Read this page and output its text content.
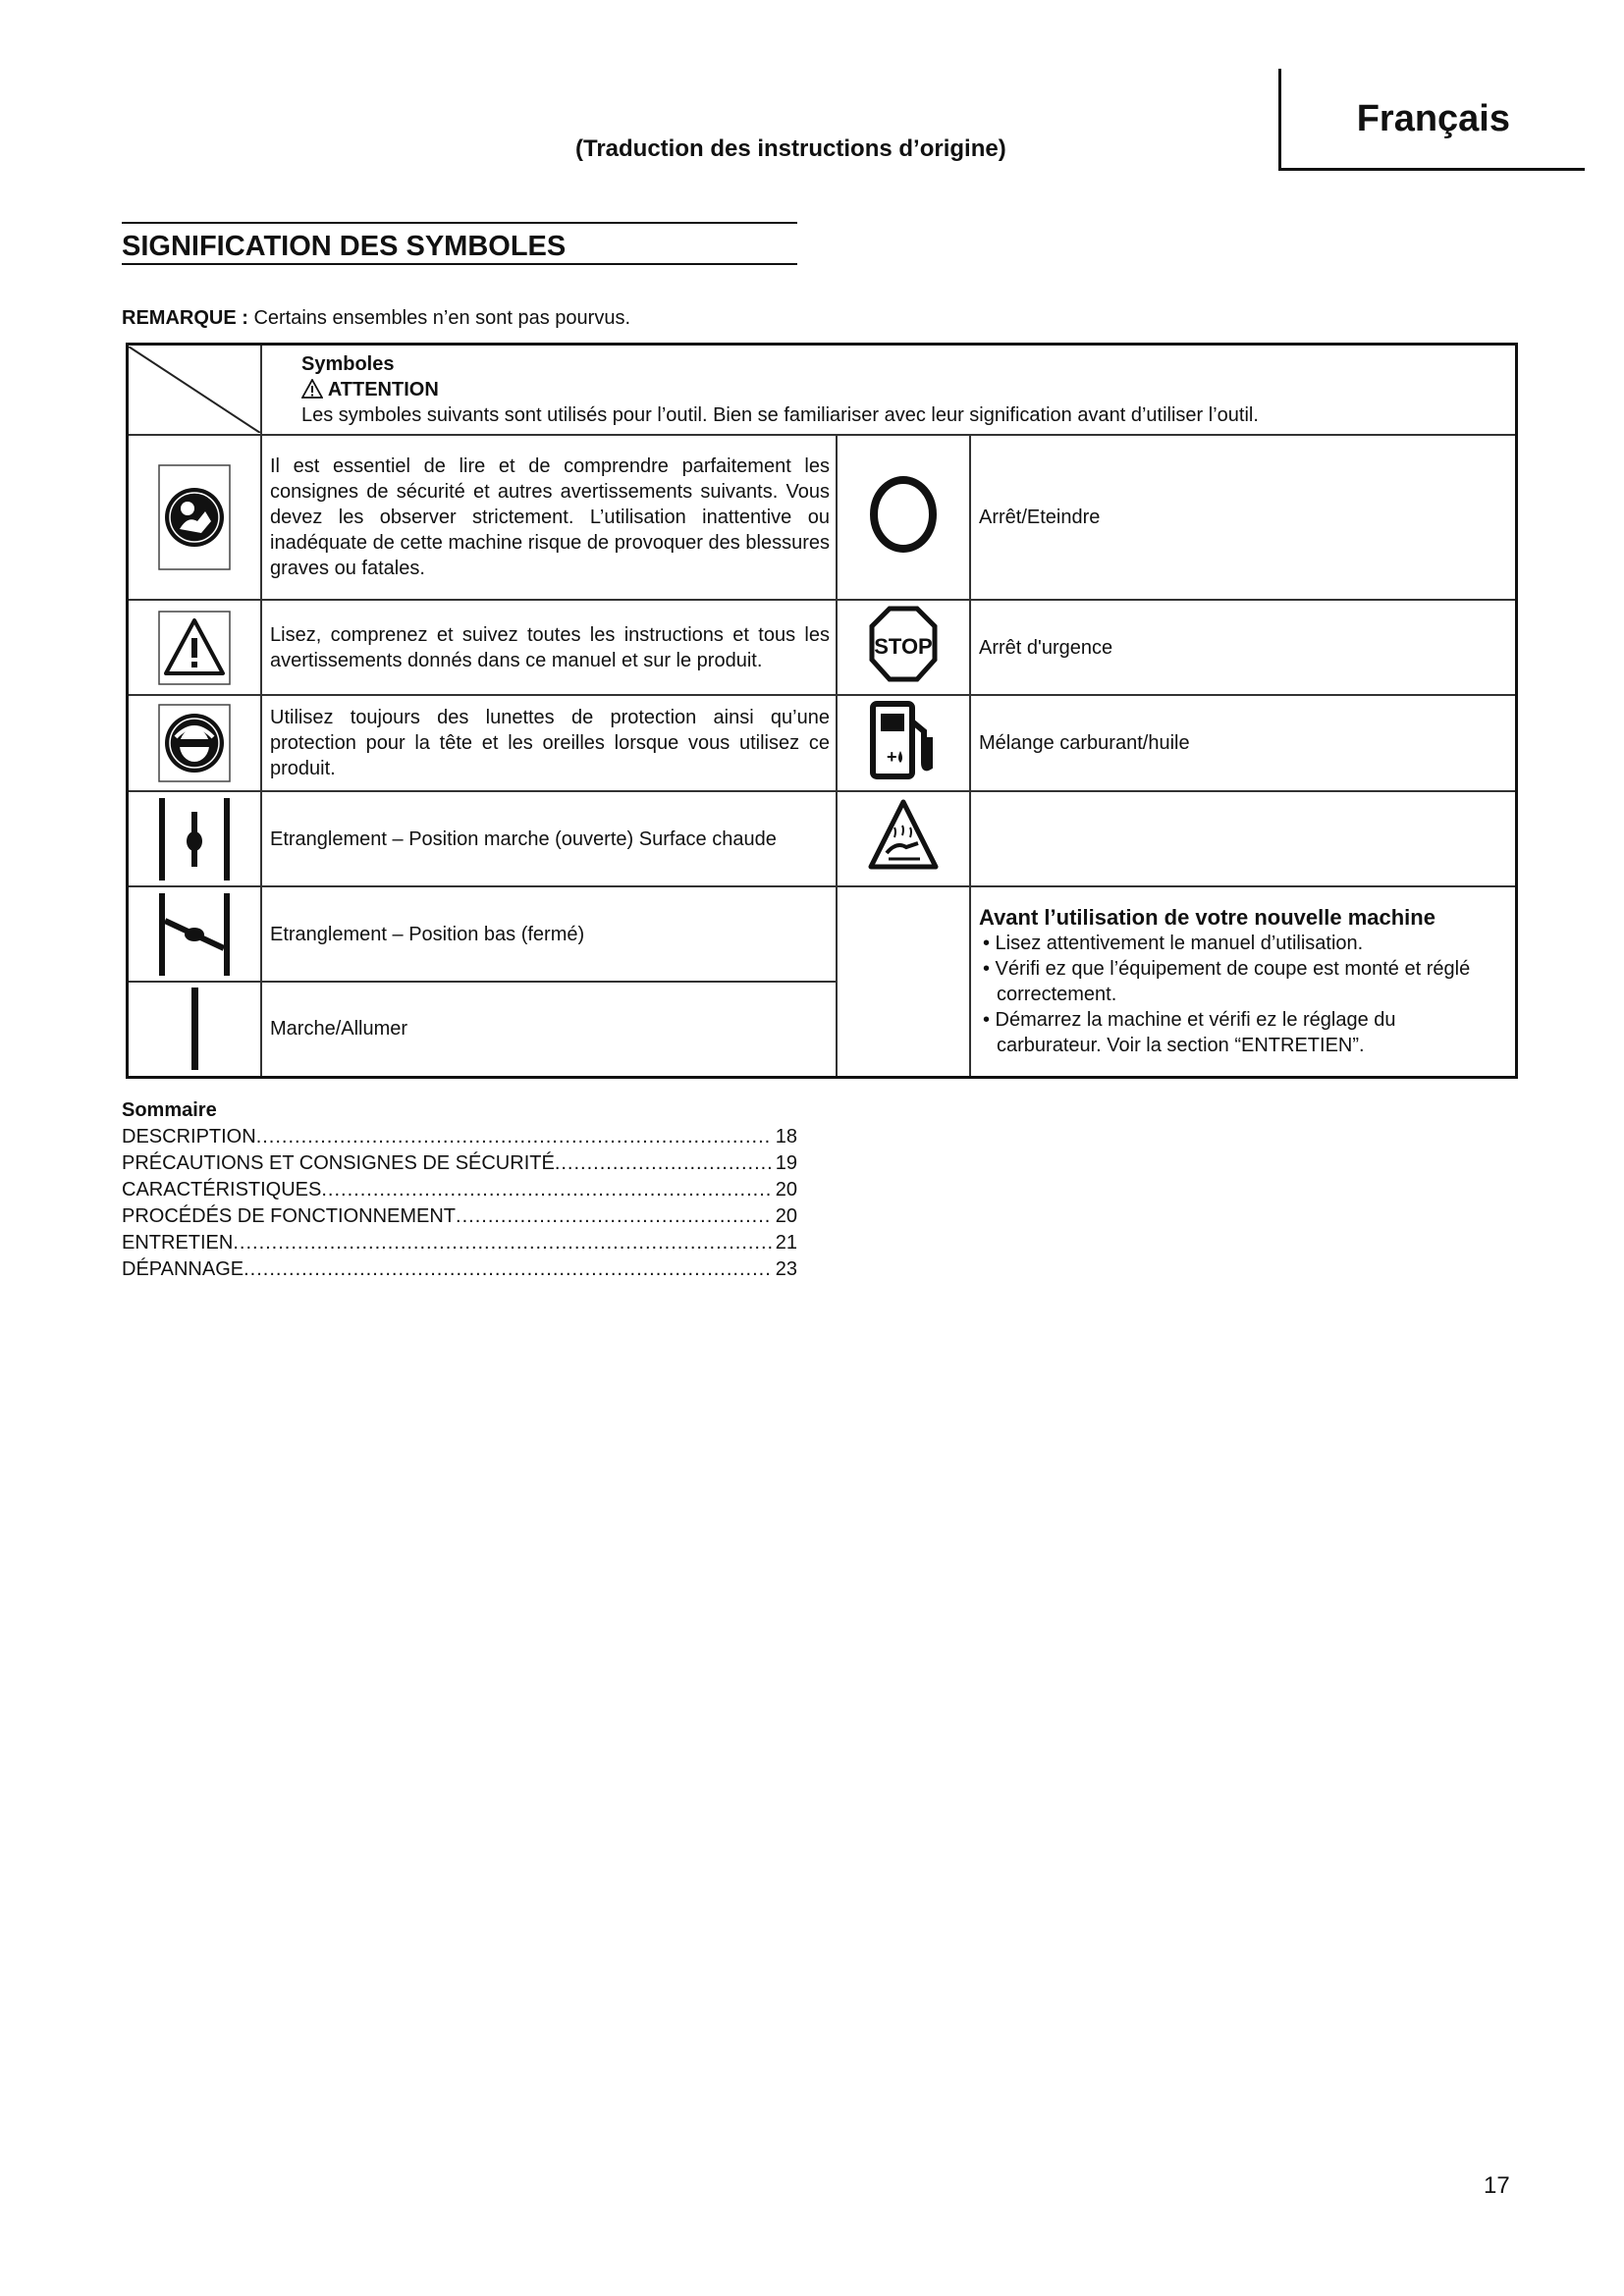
Français
(Traduction des instructions d’origine)
SIGNIFICATION DES SYMBOLES
REMARQUE : Certains ensembles n’en sont pas pourvus.

Symboles
ATTENTION
Les symboles suivants sont utilisés pour l’outil. Bien se familiariser avec leur signification avant d’utiliser l’outil.		

	Il est essentiel de lire et de comprendre parfaitement les consignes de sécurité et autres avertissements suivants. Vous devez les observer strictement. L’utilisation inattentive ou inadéquate de cette machine risque de provoquer des blessures graves ou fatales.		Arrêt/Eteindre

	Lisez, comprenez et suivez toutes les instructions et tous les avertissements donnés dans ce manuel et sur le produit.	STOP	Arrêt d'urgence

	Utilisez toujours des lunettes de protection ainsi qu’une protection pour la tête et les oreilles lorsque vous utilisez ce produit.	+	Mélange carburant/huile

	Etranglement – Position marche (ouverte) Surface chaude		

	Etranglement – Position bas (fermé)		Avant l’utilisation de votre nouvelle machine
• Lisez attentivement le manuel d’utilisation.
• Vérifi ez que l’équipement de coupe est monté et réglé correctement.
• Démarrez la machine et vérifi ez le réglage du carburateur. Voir la section “ENTRETIEN”.

	Marche/Allumer		
Sommaire
DESCRIPTION .....	18
PRÉCAUTIONS ET CONSIGNES DE SÉCURITÉ .....	19
CARACTÉRISTIQUES .....	20
PROCÉDÉS DE FONCTIONNEMENT .....	20
ENTRETIEN .....	21
DÉPANNAGE .....	23
17
